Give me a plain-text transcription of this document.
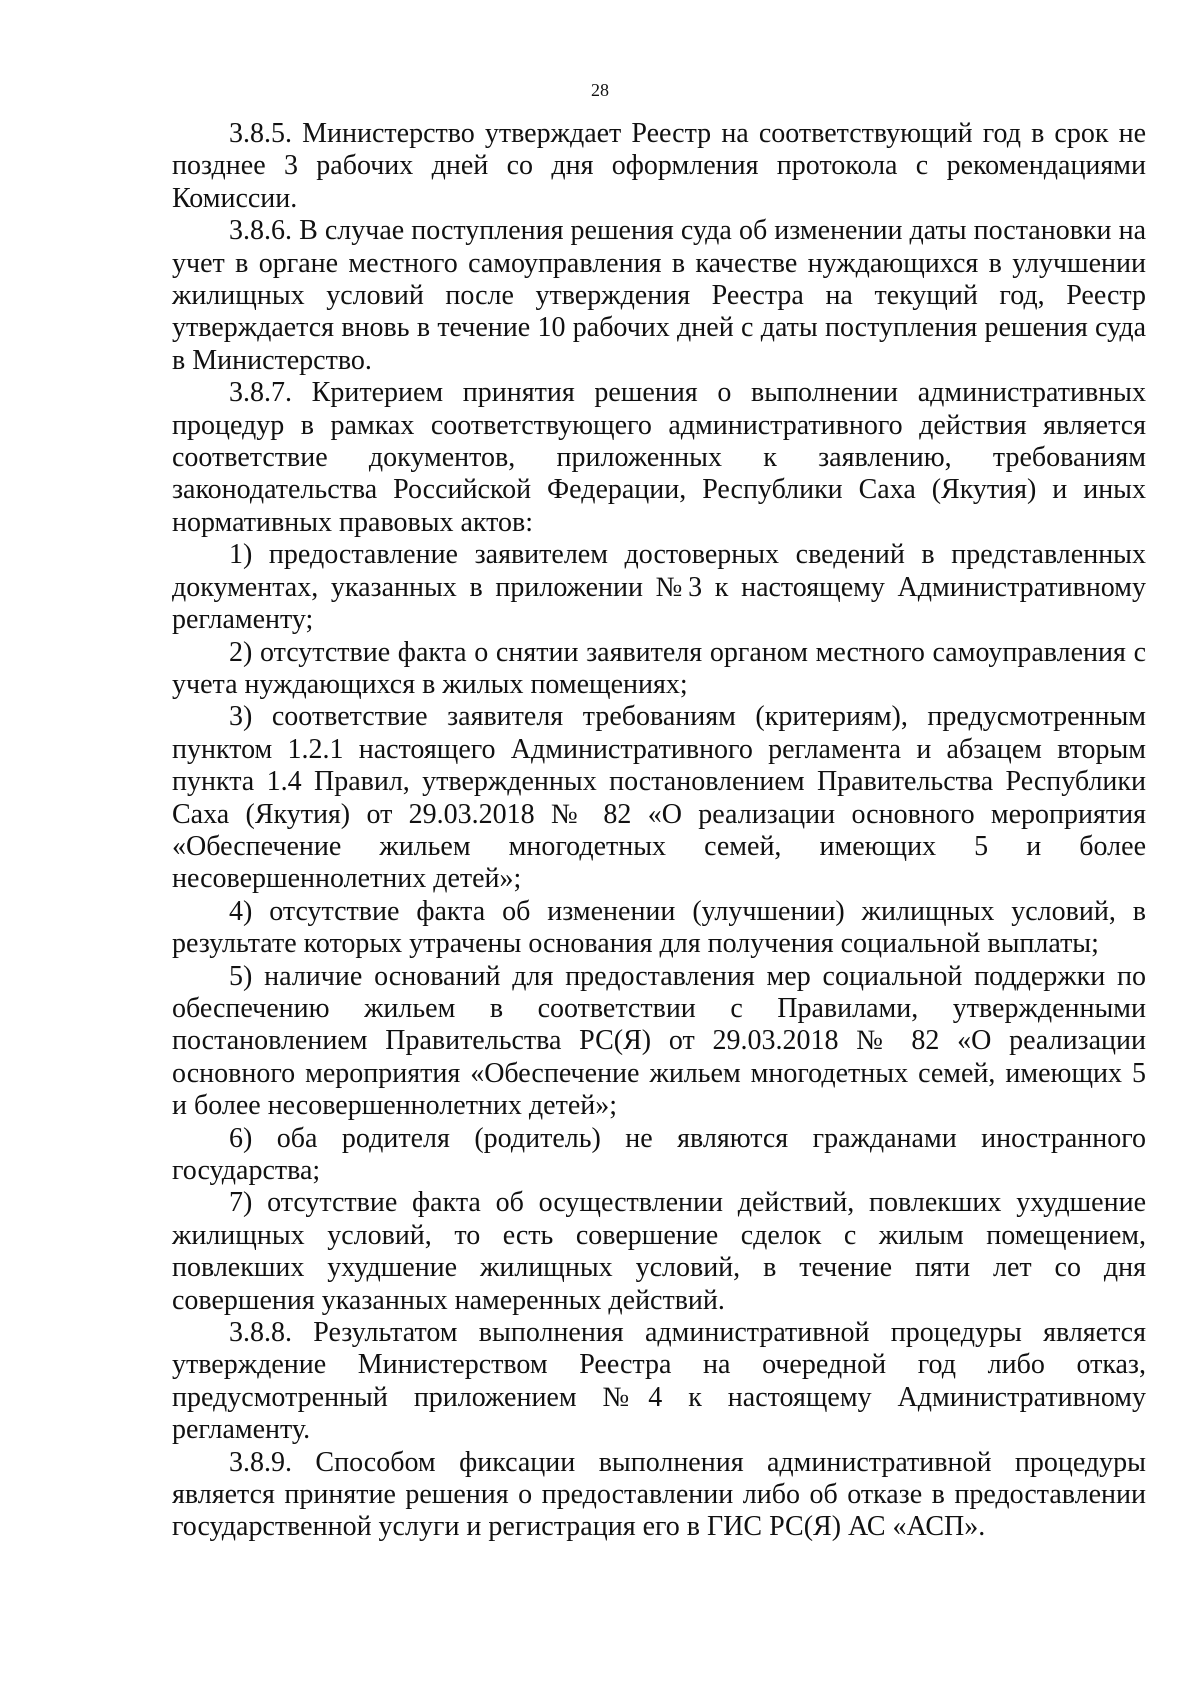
28

3.8.5. Министерство утверждает Реестр на соответствующий год в срок не позднее 3 рабочих дней со дня оформления протокола с рекомендациями Комиссии.

3.8.6. В случае поступления решения суда об изменении даты постановки на учет в органе местного самоуправления в качестве нуждающихся в улучшении жилищных условий после утверждения Реестра на текущий год, Реестр утверждается вновь в течение 10 рабочих дней с даты поступления решения суда в Министерство.

3.8.7. Критерием принятия решения о выполнении административных процедур в рамках соответствующего административного действия является соответствие документов, приложенных к заявлению, требованиям законодательства Российской Федерации, Республики Саха (Якутия) и иных нормативных правовых актов:

1) предоставление заявителем достоверных сведений в представленных документах, указанных в приложении №3 к настоящему Административному регламенту;

2) отсутствие факта о снятии заявителя органом местного самоуправления с учета нуждающихся в жилых помещениях;

3) соответствие заявителя требованиям (критериям), предусмотренным пунктом 1.2.1 настоящего Административного регламента и абзацем вторым пункта 1.4 Правил, утвержденных постановлением Правительства Республики Саха (Якутия) от 29.03.2018 № 82 «О реализации основного мероприятия «Обеспечение жильем многодетных семей, имеющих 5 и более несовершеннолетних детей»;

4) отсутствие факта об изменении (улучшении) жилищных условий, в результате которых утрачены основания для получения социальной выплаты;

5) наличие оснований для предоставления мер социальной поддержки по обеспечению жильем в соответствии с Правилами, утвержденными постановлением Правительства РС(Я) от 29.03.2018 № 82 «О реализации основного мероприятия «Обеспечение жильем многодетных семей, имеющих 5 и более несовершеннолетних детей»;

6) оба родителя (родитель) не являются гражданами иностранного государства;

7) отсутствие факта об осуществлении действий, повлекших ухудшение жилищных условий, то есть совершение сделок с жилым помещением, повлекших ухудшение жилищных условий, в течение пяти лет со дня совершения указанных намеренных действий.

3.8.8. Результатом выполнения административной процедуры является утверждение Министерством Реестра на очередной год либо отказ, предусмотренный приложением №4 к настоящему Административному регламенту.

3.8.9. Способом фиксации выполнения административной процедуры является принятие решения о предоставлении либо об отказе в предоставлении государственной услуги и регистрация его в ГИС РС(Я) АС «АСП».
